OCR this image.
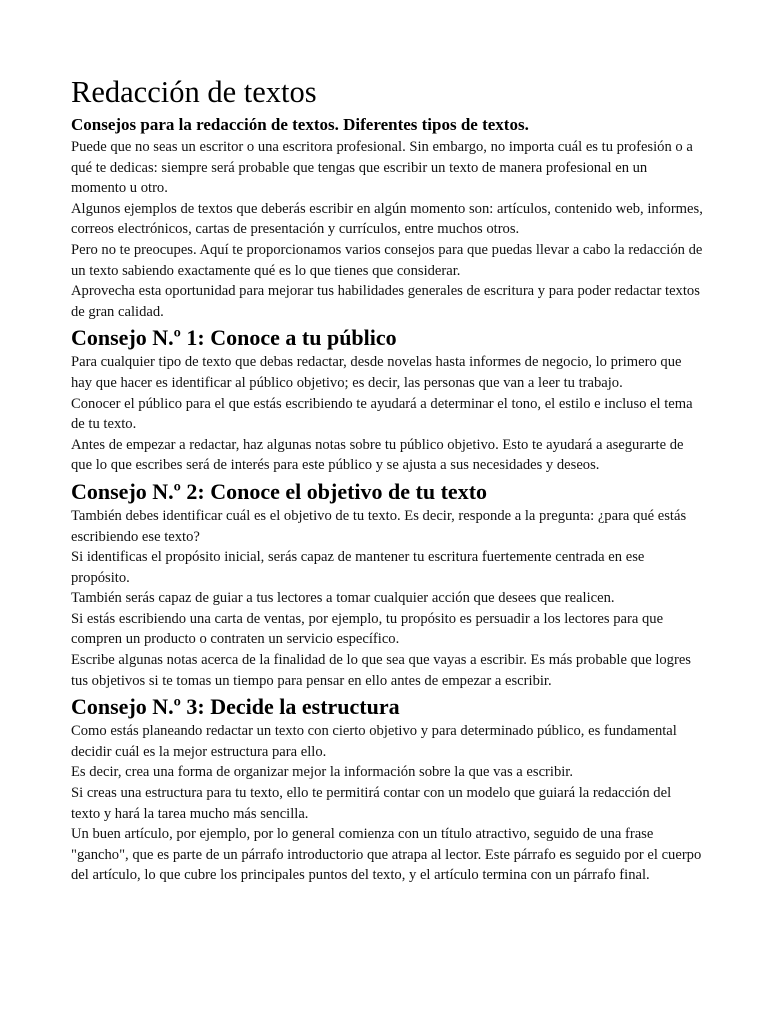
Redacción de textos
Consejos para la redacción de textos. Diferentes tipos de textos.

Puede que no seas un escritor o una escritora profesional. Sin embargo, no importa cuál es tu profesión o a qué te dedicas: siempre será probable que tengas que escribir un texto de manera profesional en un momento u otro.

Algunos ejemplos de textos que deberás escribir en algún momento son: artículos, contenido web, informes, correos electrónicos, cartas de presentación y currículos, entre muchos otros.

Pero no te preocupes. Aquí te proporcionamos varios consejos para que puedas llevar a cabo la redacción de un texto sabiendo exactamente qué es lo que tienes que considerar.

Aprovecha esta oportunidad para mejorar tus habilidades generales de escritura y para poder redactar textos de gran calidad.

Consejo N.º 1: Conoce a tu público

Para cualquier tipo de texto que debas redactar, desde novelas hasta informes de negocio, lo primero que hay que hacer es identificar al público objetivo; es decir, las personas que van a leer tu trabajo.

Conocer el público para el que estás escribiendo te ayudará a determinar el tono, el estilo e incluso el tema de tu texto.

Antes de empezar a redactar, haz algunas notas sobre tu público objetivo. Esto te ayudará a asegurarte de que lo que escribes será de interés para este público y se ajusta a sus necesidades y deseos.

Consejo N.º 2: Conoce el objetivo de tu texto

También debes identificar cuál es el objetivo de tu texto. Es decir, responde a la pregunta: ¿para qué estás escribiendo ese texto?

Si identificas el propósito inicial, serás capaz de mantener tu escritura fuertemente centrada en ese propósito.

También serás capaz de guiar a tus lectores a tomar cualquier acción que desees que realicen.

Si estás escribiendo una carta de ventas, por ejemplo, tu propósito es persuadir a los lectores para que compren un producto o contraten un servicio específico.

Escribe algunas notas acerca de la finalidad de lo que sea que vayas a escribir. Es más probable que logres tus objetivos si te tomas un tiempo para pensar en ello antes de empezar a escribir.

Consejo N.º 3: Decide la estructura

Como estás planeando redactar un texto con cierto objetivo y para determinado público, es fundamental decidir cuál es la mejor estructura para ello.

Es decir, crea una forma de organizar mejor la información sobre la que vas a escribir.

Si creas una estructura para tu texto, ello te permitirá contar con un modelo que guiará la redacción del texto y hará la tarea mucho más sencilla.

Un buen artículo, por ejemplo, por lo general comienza con un título atractivo, seguido de una frase "gancho", que es parte de un párrafo introductorio que atrapa al lector. Este párrafo es seguido por el cuerpo del artículo, lo que cubre los principales puntos del texto, y el artículo termina con un párrafo final.
